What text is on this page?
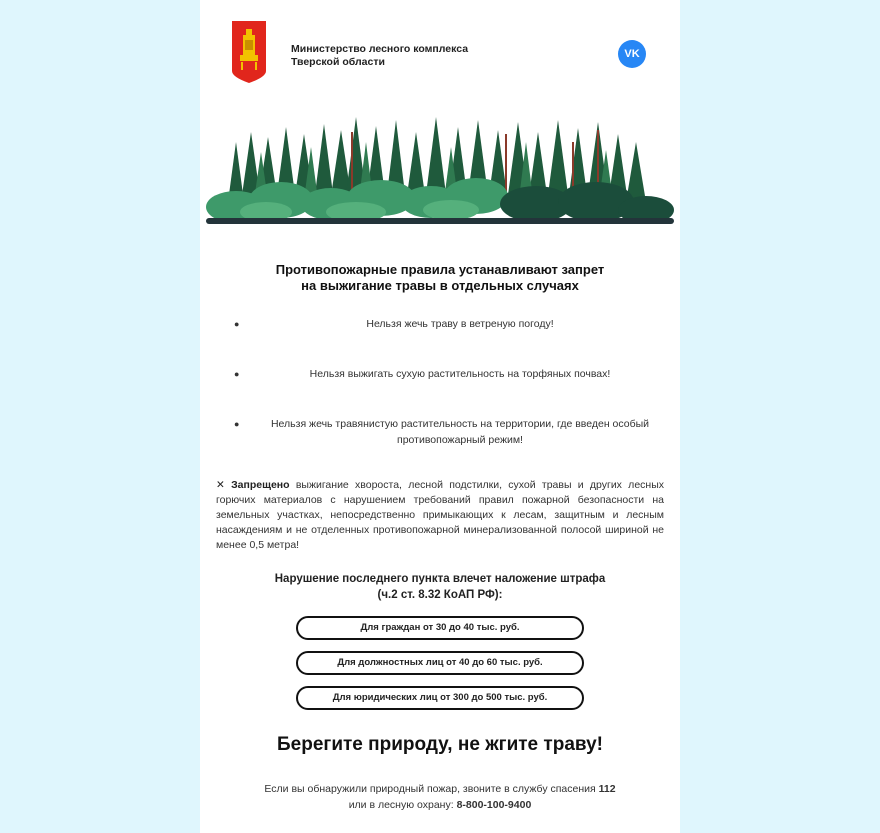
Министерство лесного комплекса
Тверской области
VK
Противопожарные правила устанавливают запрет
на выжигание травы в отдельных случаях
●	Нельзя жечь траву в ветреную погоду!
●	Нельзя выжигать сухую растительность на торфяных почвах!
●	Нельзя жечь травянистую растительность на территории, где введен особый противопожарный режим!
✕ Запрещено выжигание хвороста, лесной подстилки, сухой травы и других лесных горючих материалов с нарушением требований правил пожарной безопасности на земельных участках, непосредственно примыкающих к лесам, защитным и лесным насаждениям и не отделенных противопожарной минерализованной полосой шириной не менее 0,5 метра!
Нарушение последнего пункта влечет наложение штрафа
(ч.2 ст. 8.32 КоАП РФ):
Для граждан от 30 до 40 тыс. руб.
Для должностных лиц от 40 до 60 тыс. руб.
Для юридических лиц от 300 до 500 тыс. руб.
Берегите природу, не жгите траву!
Если вы обнаружили природный пожар, звоните в службу спасения 112
или в лесную охрану: 8-800-100-9400
